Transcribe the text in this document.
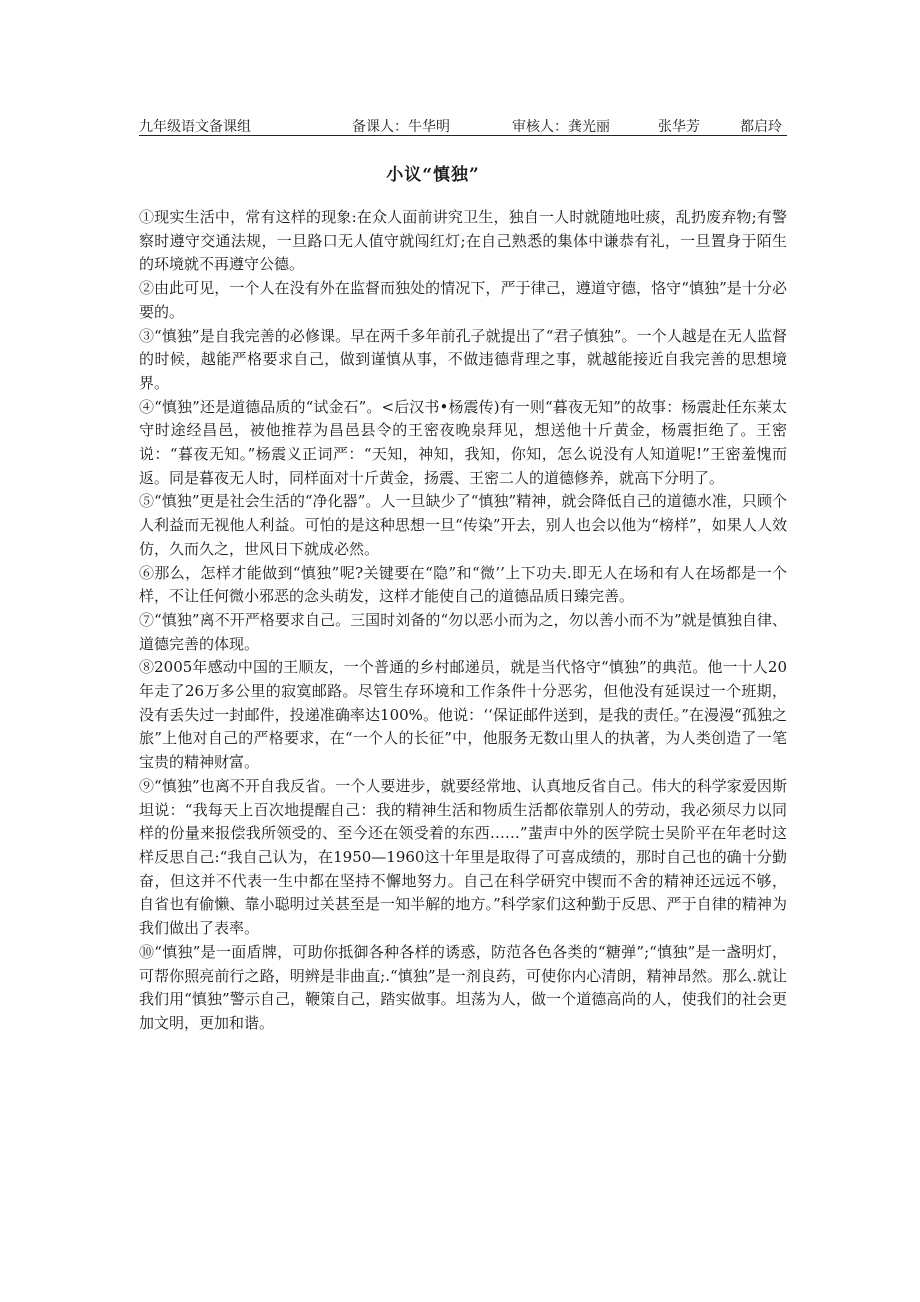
九年级语文备课组	备课人：牛华明	审核人：龚光丽	张华芳	都启玲
小议“慎独”

①现实生活中，常有这样的现象:在众人面前讲究卫生，独自一人时就随地吐痰，乱扔废弃物;有警察时遵守交通法规，一旦路口无人值守就闯红灯;在自己熟悉的集体中谦恭有礼，一旦置身于陌生的环境就不再遵守公德。

②由此可见，一个人在没有外在监督而独处的情况下，严于律己，遵道守德，恪守“慎独”是十分必要的。

③“慎独”是自我完善的必修课。早在两千多年前孔子就提出了“君子慎独”。一个人越是在无人监督的时候，越能严格要求自己，做到谨慎从事，不做违德背理之事，就越能接近自我完善的思想境界。

④“慎独”还是道德品质的“试金石”。<后汉书•杨震传)有一则“暮夜无知”的故事：杨震赴任东莱太守时途经昌邑，被他推荐为昌邑县令的王密夜晚泉拜见，想送他十斤黄金，杨震拒绝了。王密说：“暮夜无知。”杨震义正词严：“天知，神知，我知，你知，怎么说没有人知道呢!”王密羞愧而返。同是暮夜无人时，同样面对十斤黄金，扬震、王密二人的道德修养，就高下分明了。

⑤“慎独”更是社会生活的“净化器”。人一旦缺少了“慎独”精神，就会降低自己的道德水准，只顾个人利益而无视他人利益。可怕的是这种思想一旦“传染”开去，别人也会以他为“榜样”，如果人人效仿，久而久之，世风日下就成必然。

⑥那么，怎样才能做到“慎独”呢?关键要在“隐”和“微’’上下功夫.即无人在场和有人在场都是一个样，不让任何微小邪恶的念头萌发，这样才能使自己的道德品质日臻完善。

⑦“慎独”离不开严格要求自己。三国时刘备的“勿以恶小而为之，勿以善小而不为”就是慎独自律、道德完善的体现。

⑧2005年感动中国的王顺友，一个普通的乡村邮递员，就是当代恪守“慎独”的典范。他一十人20年走了26万多公里的寂寞邮路。尽管生存环境和工作条件十分恶劣，但他没有延误过一个班期，没有丢失过一封邮件，投递准确率达100%。他说：‘‘保证邮件送到，是我的责任。”在漫漫“孤独之旅”上他对自己的严格要求，在“一个人的长征”中，他服务无数山里人的执著，为人类创造了一笔宝贵的精神财富。

⑨“慎独”也离不开自我反省。一个人要进步，就要经常地、认真地反省自己。伟大的科学家爱因斯坦说：“我每天上百次地提醒自己：我的精神生活和物质生活都依靠别人的劳动，我必须尽力以同样的份量来报偿我所领受的、至今还在领受着的东西……”蜚声中外的医学院士吴阶平在年老时这样反思自己:“我自己认为，在1950—1960这十年里是取得了可喜成绩的，那时自己也的确十分勤奋，但这并不代表一生中都在坚持不懈地努力。自己在科学研究中锲而不舍的精神还远远不够， 自省也有偷懒、靠小聪明过关甚至是一知半解的地方。”科学家们这种勤于反思、严于自律的精神为我们做出了表率。

⑩“慎独”是一面盾牌，可助你抵御各种各样的诱惑，防范各色各类的“糖弹”;“慎独”是一盏明灯，可帮你照亮前行之路，明辨是非曲直;.“慎独”是一剂良药，可使你内心清朗，精神昂然。那么.就让我们用“慎独”警示自己，鞭策自己，踏实做事。坦荡为人，做一个道德高尚的人，使我们的社会更加文明，更加和谐。
